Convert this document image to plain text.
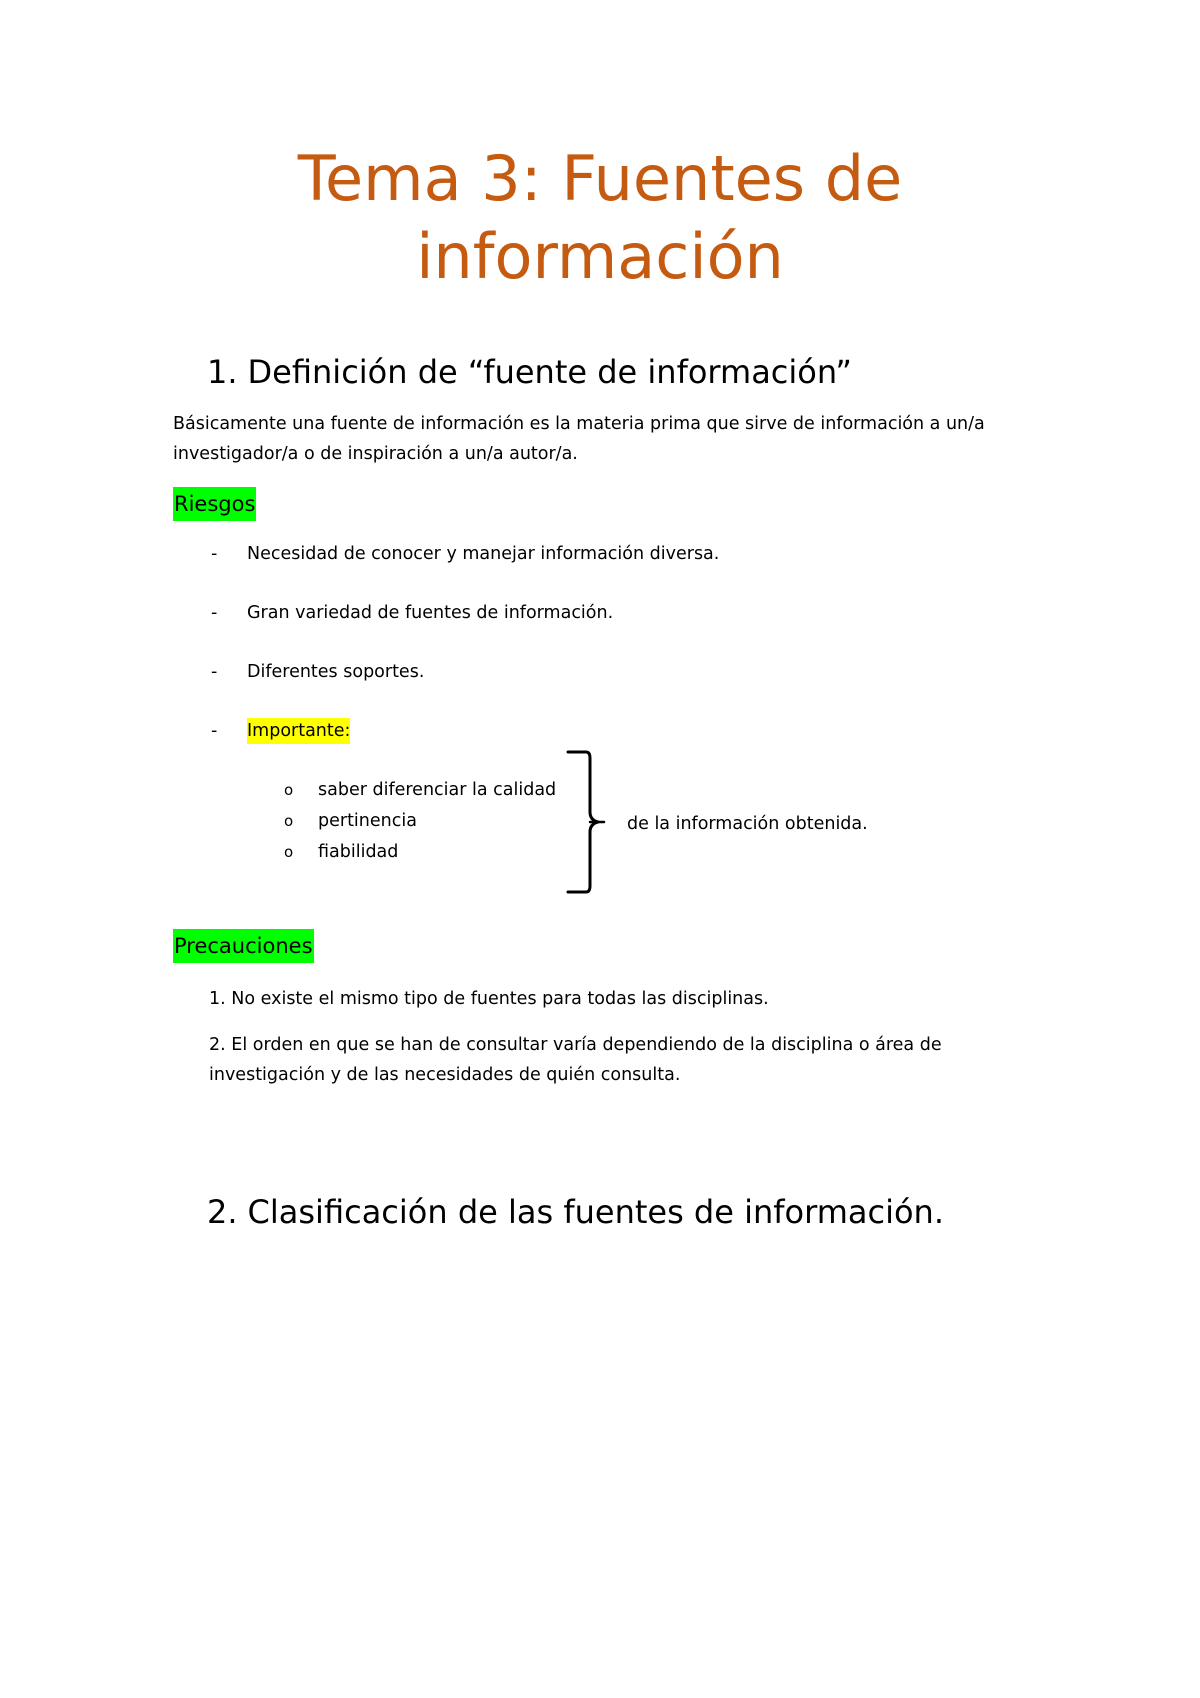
Tema 3: Fuentes de
información
1. Definición de “fuente de información”
Básicamente una fuente de información es la materia prima que sirve de información a un/a investigador/a o de inspiración a un/a autor/a.
Riesgos
- Necesidad de conocer y manejar información diversa.
- Gran variedad de fuentes de información.
- Diferentes soportes.
- Importante:
o saber diferenciar la calidad
o pertinencia
o fiabilidad
de la información obtenida.
Precauciones
1. No existe el mismo tipo de fuentes para todas las disciplinas.
2. El orden en que se han de consultar varía dependiendo de la disciplina o área de investigación y de las necesidades de quién consulta.
2. Clasificación de las fuentes de información.
